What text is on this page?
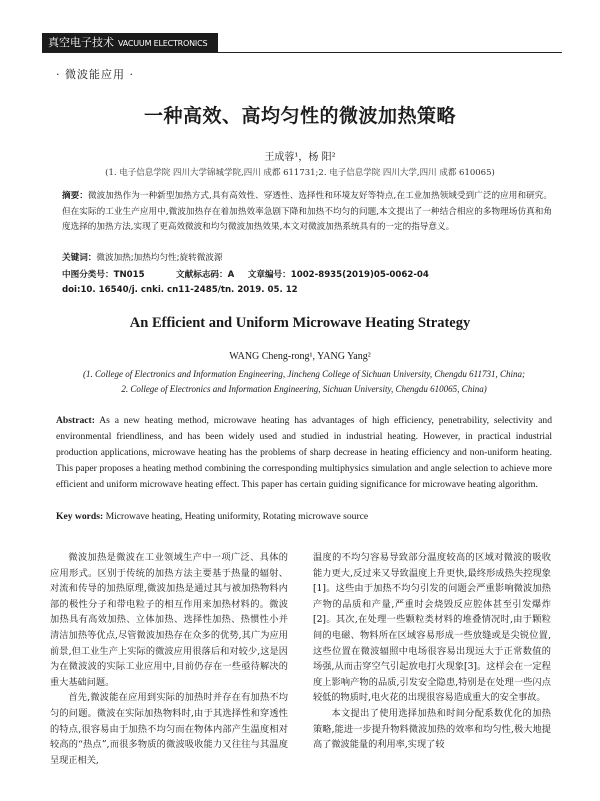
真空电子技术 VACUUM ELECTRONICS
· 微波能应用 ·
一种高效、高均匀性的微波加热策略
王成蓉¹，杨 阳²
(1. 电子信息学院 四川大学锦城学院,四川 成都 611731;2. 电子信息学院 四川大学,四川 成都 610065)
摘要：微波加热作为一种新型加热方式,具有高效性、穿透性、选择性和环境友好等特点,在工业加热领域受到广泛的应用和研究。但在实际的工业生产应用中,微波加热存在着加热效率急剧下降和加热不均匀的问题,本文提出了一种结合相应的多物理场仿真和角度选择的加热方法,实现了更高效微波和均匀微波加热效果,本文对微波加热系统具有的一定的指导意义。
关键词：微波加热;加热均匀性;旋转微波源
中图分类号：TN015	文献标志码：A 文章编号：1002-8935(2019)05-0062-04
doi:10. 16540/j. cnki. cn11-2485/tn. 2019. 05. 12
An Efficient and Uniform Microwave Heating Strategy
WANG Cheng-rong¹, YANG Yang²
(1. College of Electronics and Information Engineering, Jincheng College of Sichuan University, Chengdu 611731, China;
2. College of Electronics and Information Engineering, Sichuan University, Chengdu 610065, China)
Abstract: As a new heating method, microwave heating has advantages of high efficiency, penetrability, selectivity and environmental friendliness, and has been widely used and studied in industrial heating. However, in practical industrial production applications, microwave heating has the problems of sharp decrease in heating efficiency and non-uniform heating. This paper proposes a heating method combining the corresponding multiphysics simulation and angle selection to achieve more efficient and uniform microwave heating effect. This paper has certain guiding significance for microwave heating algorithm.
Key words: Microwave heating, Heating uniformity, Rotating microwave source

微波加热是微波在工业领域生产中一项广泛、具体的应用形式。区别于传统的加热方法主要基于热量的辐射、对流和传导的加热原理,微波加热是通过其与被加热物料内部的极性分子和带电粒子的相互作用来加热材料的。微波加热具有高效加热、立体加热、选择性加热、热惯性小并清洁加热等优点,尽管微波加热存在众多的优势,其广为应用前景,但工业生产上实际的微波应用很落后和对较少,这是因为在微波波的实际工业应用中,目前仍存在一些亟待解决的重大基础问题。

首先,微波能在应用到实际的加热时并存在有加热不均匀的问题。微波在实际加热物料时,由于其选择性和穿透性的特点,很容易由于加热不均匀而在物体内部产生温度相对较高的“热点”,而很多物质的微波吸收能力又往往与其温度呈现正相关,

温度的不均匀容易导致部分温度较高的区域对微波的吸收能力更大,反过来又导致温度上升更快,最终形成热失控现象[1]。这些由于加热不均匀引发的问题会严重影响微波加热产物的品质和产量,严重时会烧毁反应腔体甚至引发爆炸[2]。其次,在处理一些颗粒类材料的堆叠情况时,由于颗粒间的电磁、物料所在区域容易形成一些放缝或是尖锐位置,这些位置在微波辐照中电场很容易出现远大于正常数值的场强,从而击穿空气引起放电打火现象[3]。这样会在一定程度上影响产物的品质,引发安全隐患,特别是在处理一些闪点较低的物质时,电火花的出现很容易造成重大的安全事故。

本文提出了使用选择加热和时间分配系数优化的加热策略,能进一步提升物料微波加热的效率和均匀性,极大地提高了微波能量的利用率,实现了较
